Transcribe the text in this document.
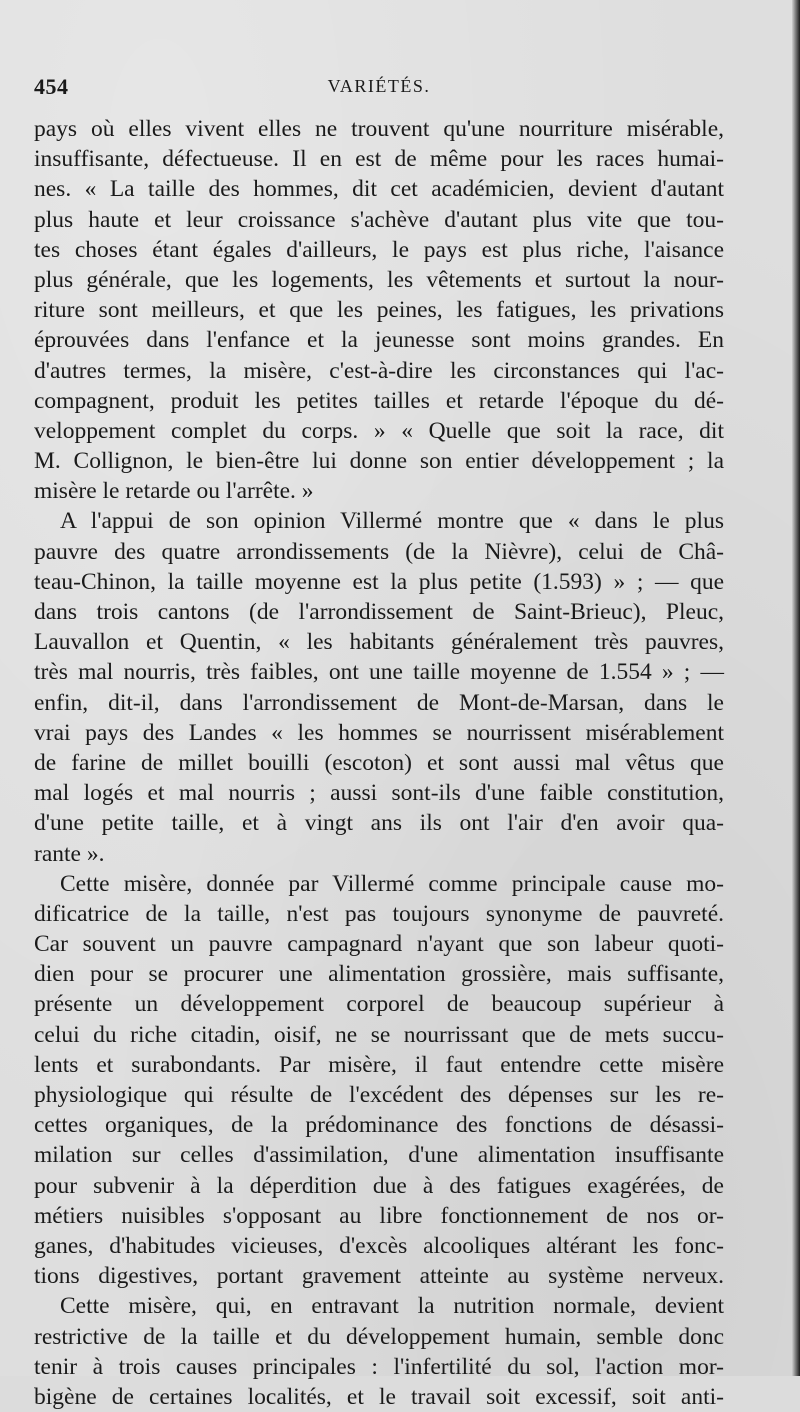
454	VARIÉTÉS.
pays où elles vivent elles ne trouvent qu'une nourriture misérable,
insuffisante, défectueuse. Il en est de même pour les races humai-
nes. « La taille des hommes, dit cet académicien, devient d'autant
plus haute et leur croissance s'achève d'autant plus vite que tou-
tes choses étant égales d'ailleurs, le pays est plus riche, l'aisance
plus générale, que les logements, les vêtements et surtout la nour-
riture sont meilleurs, et que les peines, les fatigues, les privations
éprouvées dans l'enfance et la jeunesse sont moins grandes. En
d'autres termes, la misère, c'est-à-dire les circonstances qui l'ac-
compagnent, produit les petites tailles et retarde l'époque du dé-
veloppement complet du corps. » « Quelle que soit la race, dit
M. Collignon, le bien-être lui donne son entier développement ; la
misère le retarde ou l'arrête. »
A l'appui de son opinion Villermé montre que « dans le plus
pauvre des quatre arrondissements (de la Nièvre), celui de Châ-
teau-Chinon, la taille moyenne est la plus petite (1.593) » ; — que
dans trois cantons (de l'arrondissement de Saint-Brieuc), Pleuc,
Lauvallon et Quentin, « les habitants généralement très pauvres,
très mal nourris, très faibles, ont une taille moyenne de 1.554 » ; —
enfin, dit-il, dans l'arrondissement de Mont-de-Marsan, dans le
vrai pays des Landes « les hommes se nourrissent misérablement
de farine de millet bouilli (escoton) et sont aussi mal vêtus que
mal logés et mal nourris ; aussi sont-ils d'une faible constitution,
d'une petite taille, et à vingt ans ils ont l'air d'en avoir qua-
rante ».
Cette misère, donnée par Villermé comme principale cause mo-
dificatrice de la taille, n'est pas toujours synonyme de pauvreté.
Car souvent un pauvre campagnard n'ayant que son labeur quoti-
dien pour se procurer une alimentation grossière, mais suffisante,
présente un développement corporel de beaucoup supérieur à
celui du riche citadin, oisif, ne se nourrissant que de mets succu-
lents et surabondants. Par misère, il faut entendre cette misère
physiologique qui résulte de l'excédent des dépenses sur les re-
cettes organiques, de la prédominance des fonctions de désassi-
milation sur celles d'assimilation, d'une alimentation insuffisante
pour subvenir à la déperdition due à des fatigues exagérées, de
métiers nuisibles s'opposant au libre fonctionnement de nos or-
ganes, d'habitudes vicieuses, d'excès alcooliques altérant les fonc-
tions digestives, portant gravement atteinte au système nerveux.
Cette misère, qui, en entravant la nutrition normale, devient
restrictive de la taille et du développement humain, semble donc
tenir à trois causes principales : l'infertilité du sol, l'action mor-
bigène de certaines localités, et le travail soit excessif, soit anti-
